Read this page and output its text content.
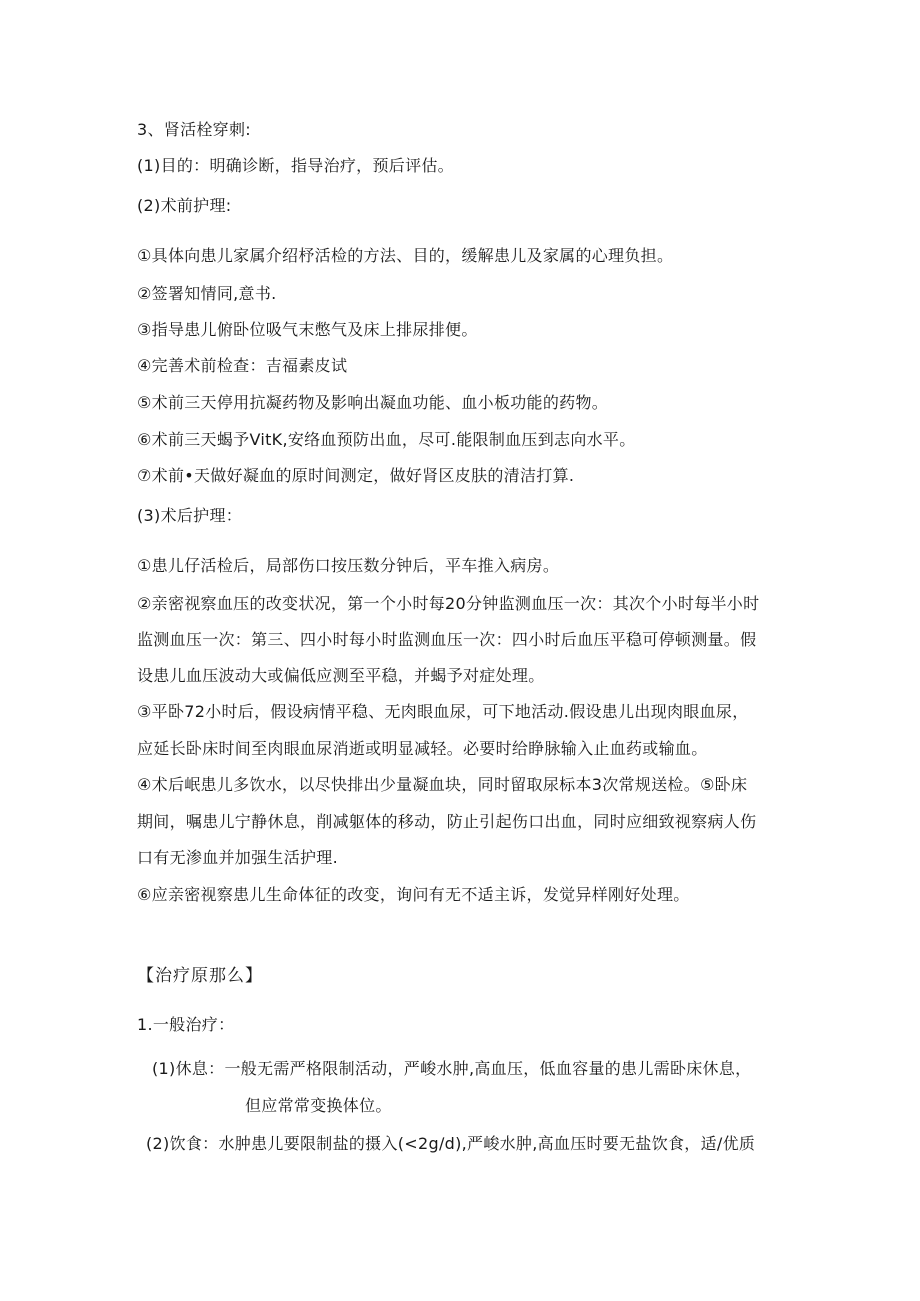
3、肾活栓穿刺:
(1)目的：明确诊断，指导治疗，预后评估。
(2)术前护理:
①具体向患儿家属介绍杼活检的方法、目的，缓解患儿及家属的心理负担。
②签署知情同,意书.
③指导患儿俯卧位吸气末憋气及床上排尿排便。
④完善术前检查：吉福素皮试
⑤术前三天停用抗凝药物及影响出凝血功能、血小板功能的药物。
⑥术前三天蝎予VitK,安络血预防出血，尽可.能限制血压到志向水平。
⑦术前•天做好凝血的原时间测定，做好肾区皮肤的清洁打算.
(3)术后护理：
①患儿仔活检后，局部伤口按压数分钟后，平车推入病房。
②亲密视察血压的改变状况，第一个小时每20分钟监测血压一次：其次个小时每半小时
监测血压一次：第三、四小时每小时监测血压一次：四小时后血压平稳可停顿测量。假
设患儿血压波动大或偏低应测至平稳，并蝎予对症处理。
③平卧72小时后，假设病情平稳、无肉眼血尿，可下地活动.假设患儿出现肉眼血尿，
应延长卧床时间至肉眼血尿消逝或明显减轻。必要时给睁脉输入止血药或输血。
④术后岷患儿多饮水，以尽快排出少量凝血块，同时留取尿标本3次常规送检。⑤卧床
期间，嘱患儿宁静休息，削减躯体的移动，防止引起伤口出血，同时应细致视察病人伤
口有无渗血并加强生活护理.
⑥应亲密视察患儿生命体征的改变，询问有无不适主诉，发觉异样刚好处理。
【治疗原那么】
1.一般治疗：
(1)休息：一般无需严格限制活动，严峻水肿,高血压，低血容量的患儿需卧床休息，
但应常常变换体位。
(2)饮食：水肿患儿要限制盐的摄入(<2g∕d),严峻水肿,高血压时要无盐饮食，适/优质
